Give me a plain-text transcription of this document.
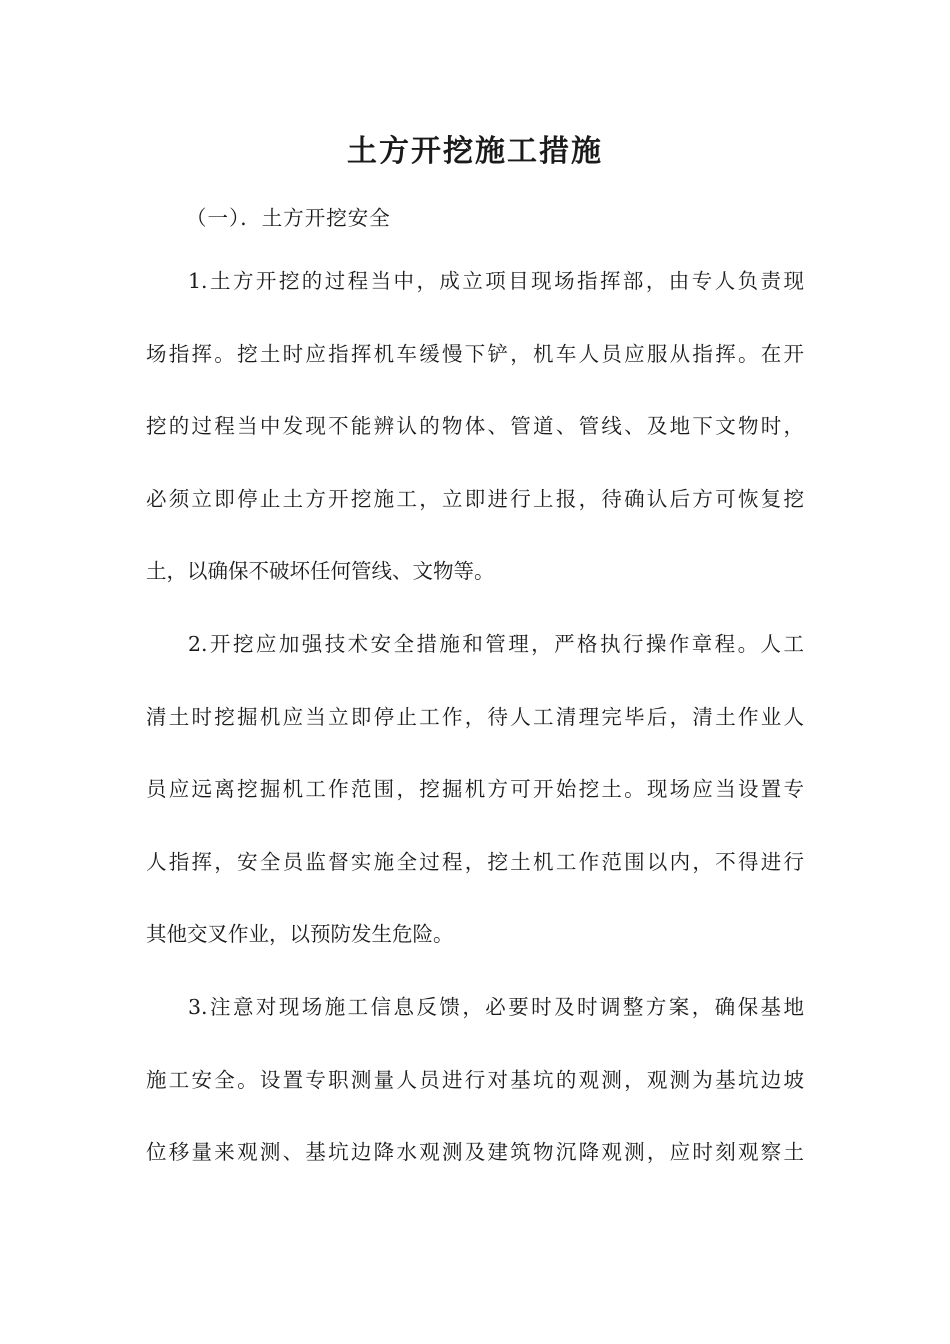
土方开挖施工措施

（一）．土方开挖安全

1.土方开挖的过程当中，成立项目现场指挥部，由专人负责现
场指挥。挖土时应指挥机车缓慢下铲，机车人员应服从指挥。在开
挖的过程当中发现不能辨认的物体、管道、管线、及地下文物时，
必须立即停止土方开挖施工，立即进行上报，待确认后方可恢复挖
土，以确保不破坏任何管线、文物等。
2.开挖应加强技术安全措施和管理，严格执行操作章程。人工
清土时挖掘机应当立即停止工作，待人工清理完毕后，清土作业人
员应远离挖掘机工作范围，挖掘机方可开始挖土。现场应当设置专
人指挥，安全员监督实施全过程，挖土机工作范围以内，不得进行
其他交叉作业，以预防发生危险。
3.注意对现场施工信息反馈，必要时及时调整方案，确保基地
施工安全。设置专职测量人员进行对基坑的观测，观测为基坑边坡
位移量来观测、基坑边降水观测及建筑物沉降观测，应时刻观察土
